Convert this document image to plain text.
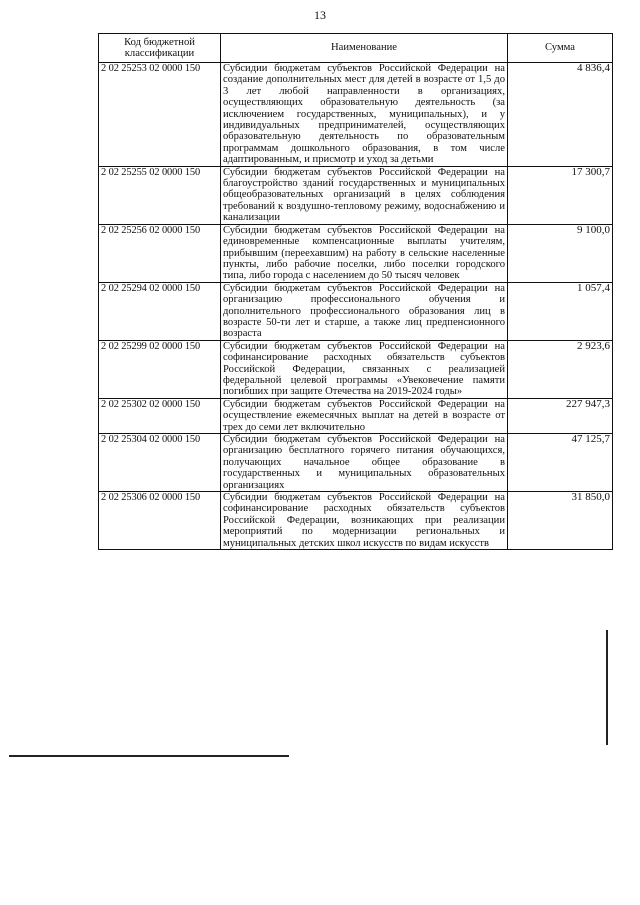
13
Код бюджетной классификации	Наименование	Сумма
2 02 25253 02 0000 150	Субсидии бюджетам субъектов Российской Федерации на создание дополнительных мест для детей в возрасте от 1,5 до 3 лет любой направленности в организациях, осуществляющих образовательную деятельность (за исключением государственных, муниципальных), и у индивидуальных предпринимателей, осуществляющих образовательную деятельность по образовательным программам дошкольного образования, в том числе адаптированным, и присмотр и уход за детьми	4 836,4
2 02 25255 02 0000 150	Субсидии бюджетам субъектов Российской Федерации на благоустройство зданий государственных и муниципальных общеобразовательных организаций в целях соблюдения требований к воздушно-тепловому режиму, водоснабжению и канализации	17 300,7
2 02 25256 02 0000 150	Субсидии бюджетам субъектов Российской Федерации на единовременные компенсационные выплаты учителям, прибывшим (переехавшим) на работу в сельские населенные пункты, либо рабочие поселки, либо поселки городского типа, либо города с населением до 50 тысяч человек	9 100,0
2 02 25294 02 0000 150	Субсидии бюджетам субъектов Российской Федерации на организацию профессионального обучения и дополнительного профессионального образования лиц в возрасте 50-ти лет и старше, а также лиц предпенсионного возраста	1 057,4
2 02 25299 02 0000 150	Субсидии бюджетам субъектов Российской Федерации на софинансирование расходных обязательств субъектов Российской Федерации, связанных с реализацией федеральной целевой программы «Увековечение памяти погибших при защите Отечества на 2019-2024 годы»	2 923,6
2 02 25302 02 0000 150	Субсидии бюджетам субъектов Российской Федерации на осуществление ежемесячных выплат на детей в возрасте от трех до семи лет включительно	227 947,3
2 02 25304 02 0000 150	Субсидии бюджетам субъектов Российской Федерации на организацию бесплатного горячего питания обучающихся, получающих начальное общее образование в государственных и муниципальных образовательных организациях	47 125,7
2 02 25306 02 0000 150	Субсидии бюджетам субъектов Российской Федерации на софинансирование расходных обязательств субъектов Российской Федерации, возникающих при реализации мероприятий по модернизации региональных и муниципальных детских школ искусств по видам искусств	31 850,0
